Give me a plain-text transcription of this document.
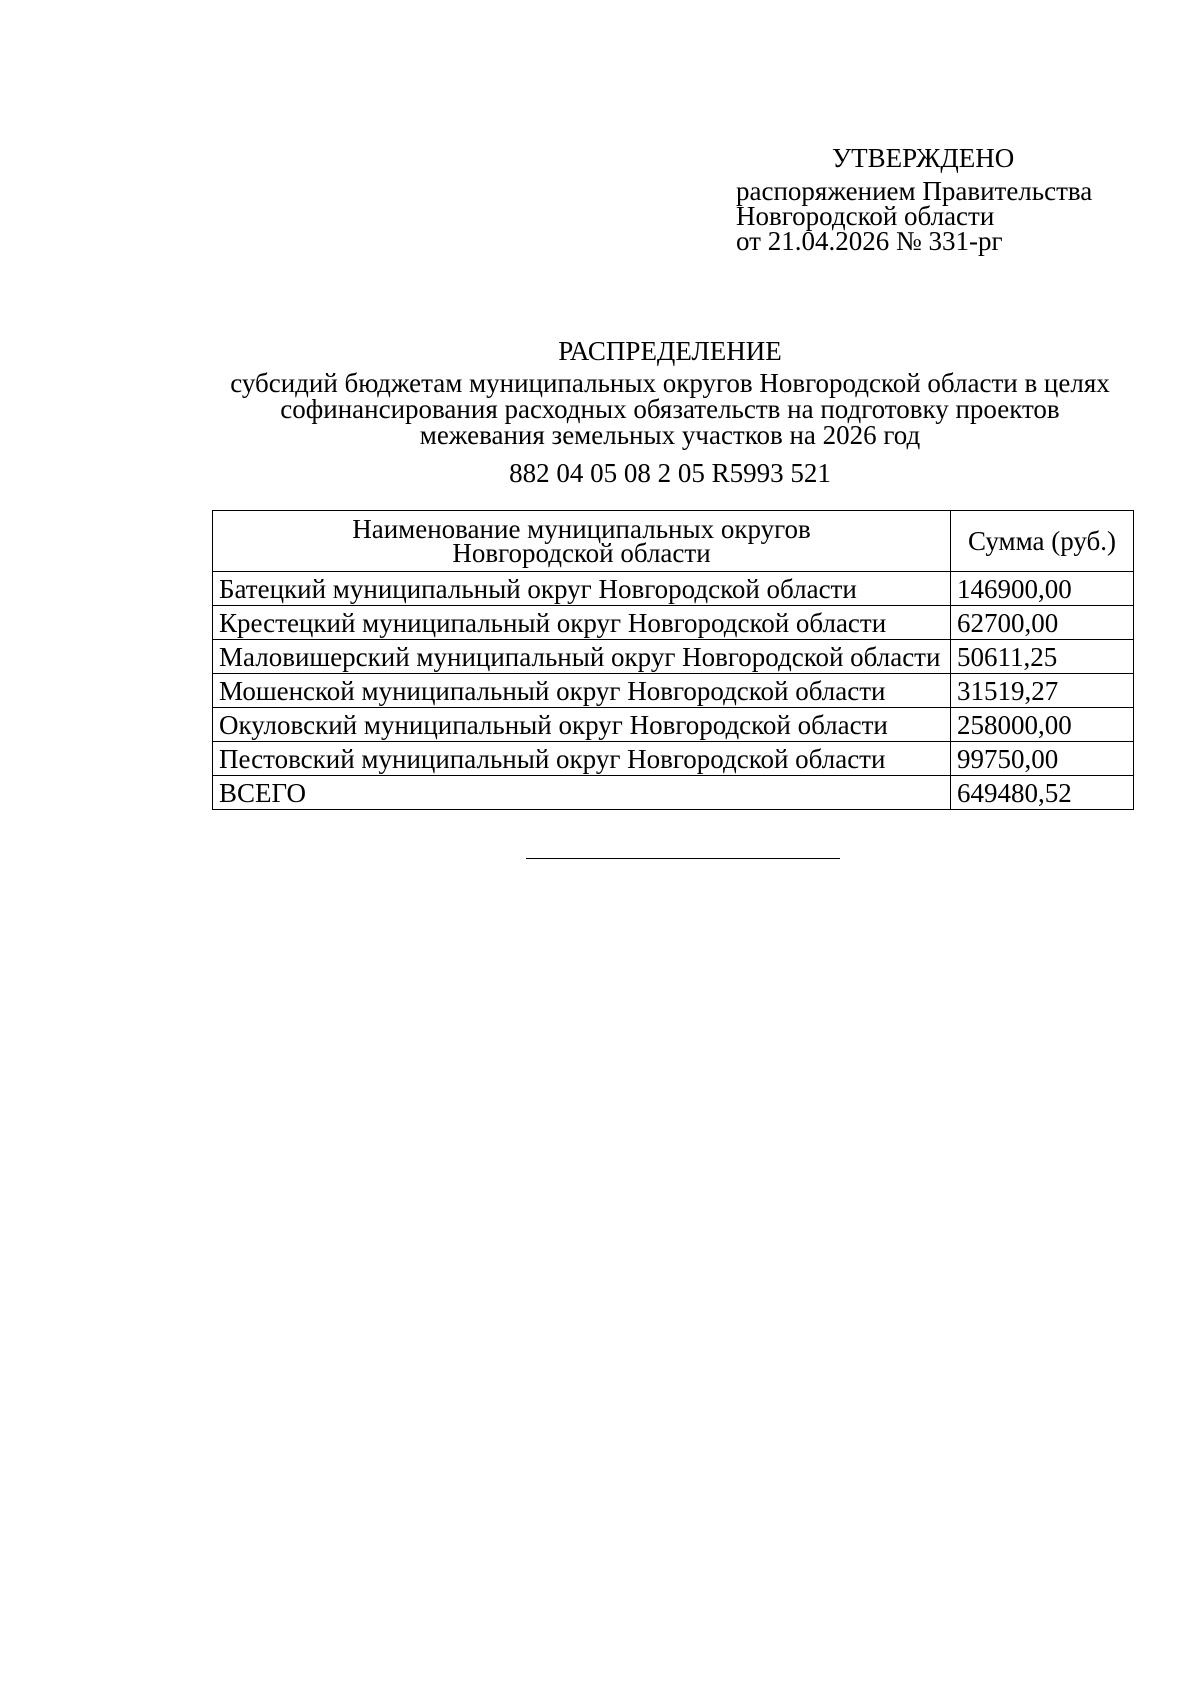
УТВЕРЖДЕНО
распоряжением Правительства
Новгородской области
от 21.04.2026 № 331-рг
РАСПРЕДЕЛЕНИЕ
субсидий бюджетам муниципальных округов Новгородской области в целях
софинансирования расходных обязательств на подготовку проектов
межевания земельных участков на 2026 год
882 04 05 08 2 05 R5993 521
Наименование муниципальных округов
Новгородской области	Сумма (руб.)
Батецкий муниципальный округ Новгородской области	146900,00
Крестецкий муниципальный округ Новгородской области	62700,00
Маловишерский муниципальный округ Новгородской области	50611,25
Мошенской муниципальный округ Новгородской области	31519,27
Окуловский муниципальный округ Новгородской области	258000,00
Пестовский муниципальный округ Новгородской области	99750,00
ВСЕГО	649480,52
